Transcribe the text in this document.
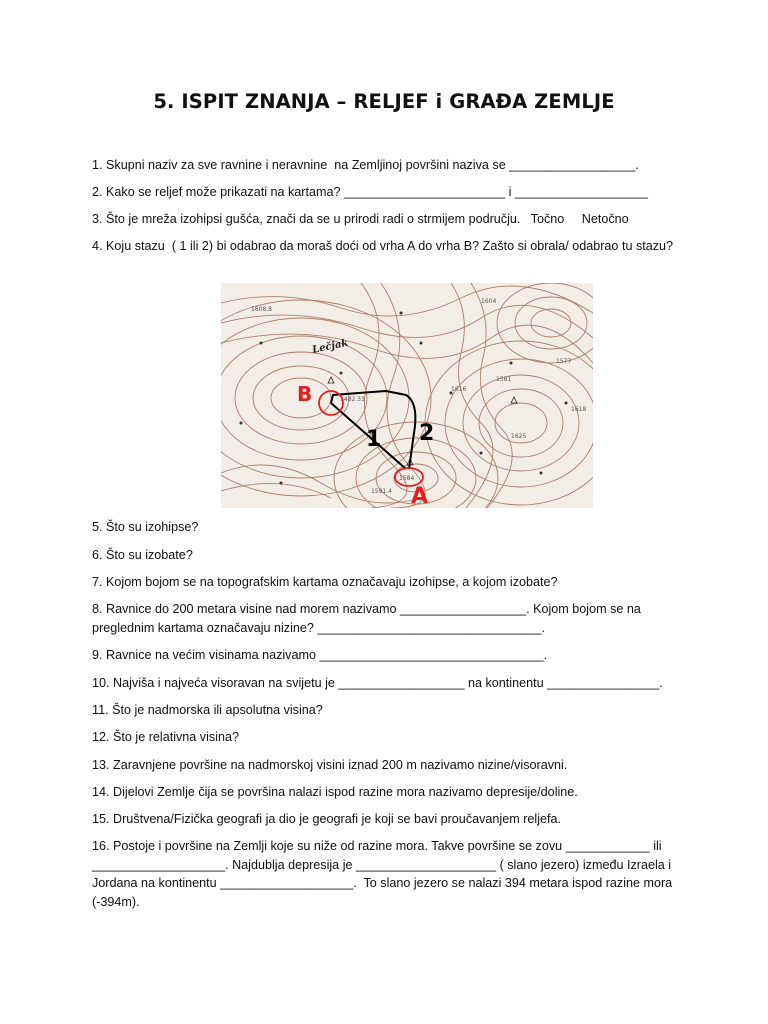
5. ISPIT ZNANJA – RELJEF i GRAĐA ZEMLJE
1. Skupni naziv za sve ravnine i neravnine  na Zemljinoj površini naziva se __________________.
2. Kako se reljef može prikazati na kartama? _______________________ i ___________________
3. Što je mreža izohipsi gušća, znači da se u prirodi radi o strmijem području.   Točno     Netočno
4. Koju stazu  ( 1 ili 2) bi odabrao da moraš doći od vrha A do vrha B? Zašto si obrala/ odabrao tu stazu?
1608.8
1616
1604
1618
1577
1581
1591.4
1625
1482.33
1584
Lečjak
B
A
1 2
5. Što su izohipse?
6. Što su izobate?
7. Kojom bojom se na topografskim kartama označavaju izohipse, a kojom izobate?
8. Ravnice do 200 metara visine nad morem nazivamo __________________. Kojom bojom se na preglednim kartama označavaju nizine? ________________________________.
9. Ravnice na većim visinama nazivamo ________________________________.
10. Najviša i najveća visoravan na svijetu je __________________ na kontinentu ________________.
11. Što je nadmorska ili apsolutna visina?
12. Što je relativna visina?
13. Zaravnjene površine na nadmorskoj visini iznad 200 m nazivamo nizine/visoravni.
14. Dijelovi Zemlje čija se površina nalazi ispod razine mora nazivamo depresije/doline.
15. Društvena/Fizička geografi ja dio je geografi je koji se bavi proučavanjem reljefa.
16. Postoje i površine na Zemlji koje su niže od razine mora. Takve površine se zovu ____________ ili ___________________. Najdublja depresija je ____________________ ( slano jezero) između Izraela i Jordana na kontinentu ___________________.  To slano jezero se nalazi 394 metara ispod razine mora (-394m).
